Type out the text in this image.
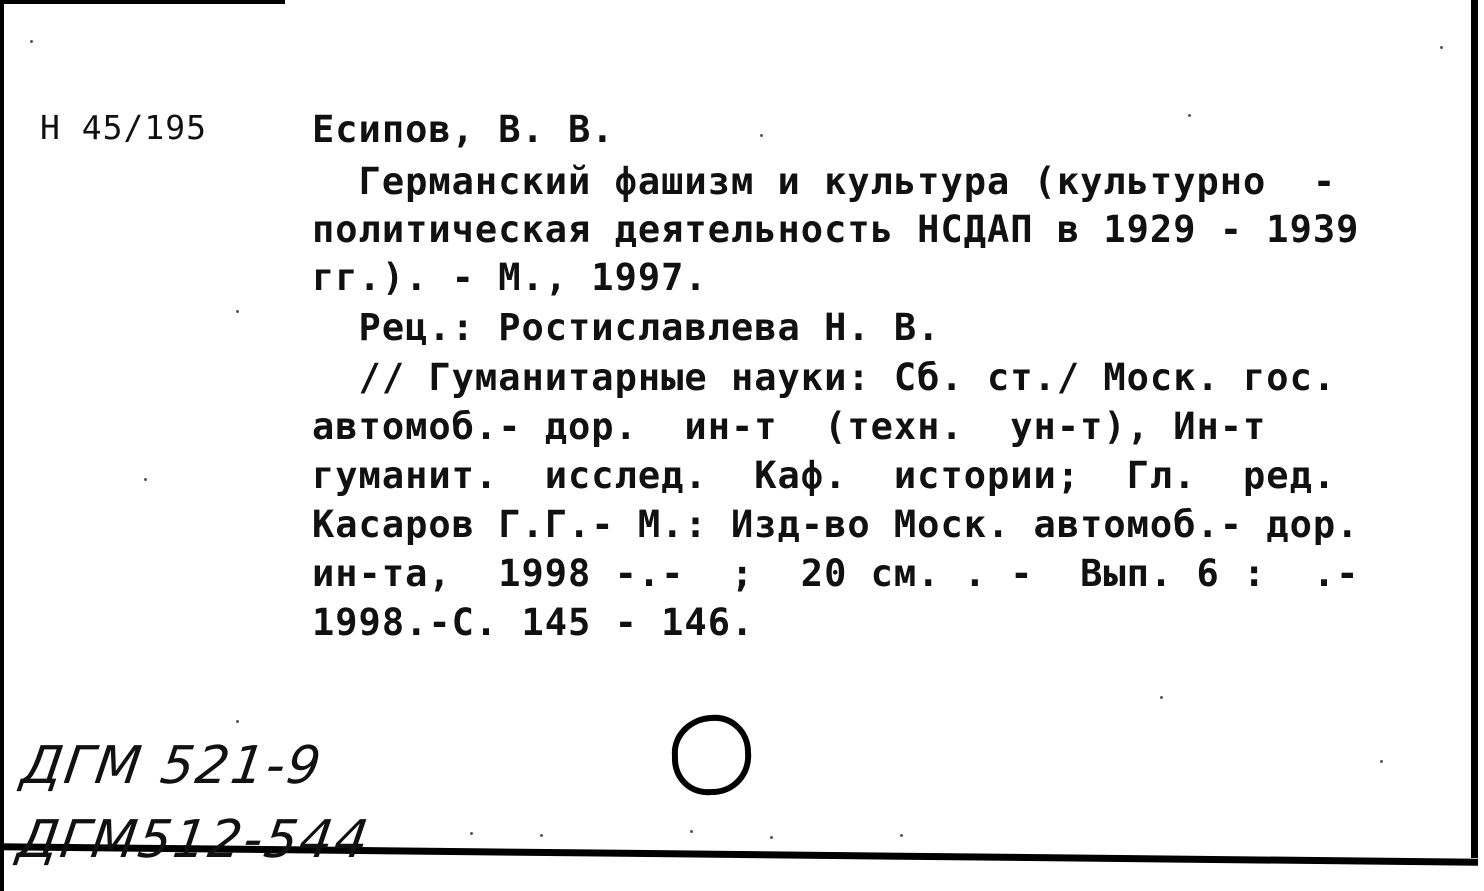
Н 45/195	Есипов, В. В.
Германский фашизм и культура (культурно  -
политическая деятельность НСДАП в 1929 - 1939
гг.). - М., 1997.
Рец.: Ростиславлева Н. В.
// Гуманитарные науки: Сб. ст./ Моск. гос.
автомоб.- дор.  ин-т  (техн.  ун-т), Ин-т
гуманит.  исслед.  Каф.  истории;  Гл.  ред.
Касаров Г.Г.- М.: Изд-во Моск. автомоб.- дор.
ин-та,  1998 -.-  ;  20 см. . -  Вып. 6 :  .-
1998.-С. 145 - 146.
ДГМ 521-9
ДГМ512-544
